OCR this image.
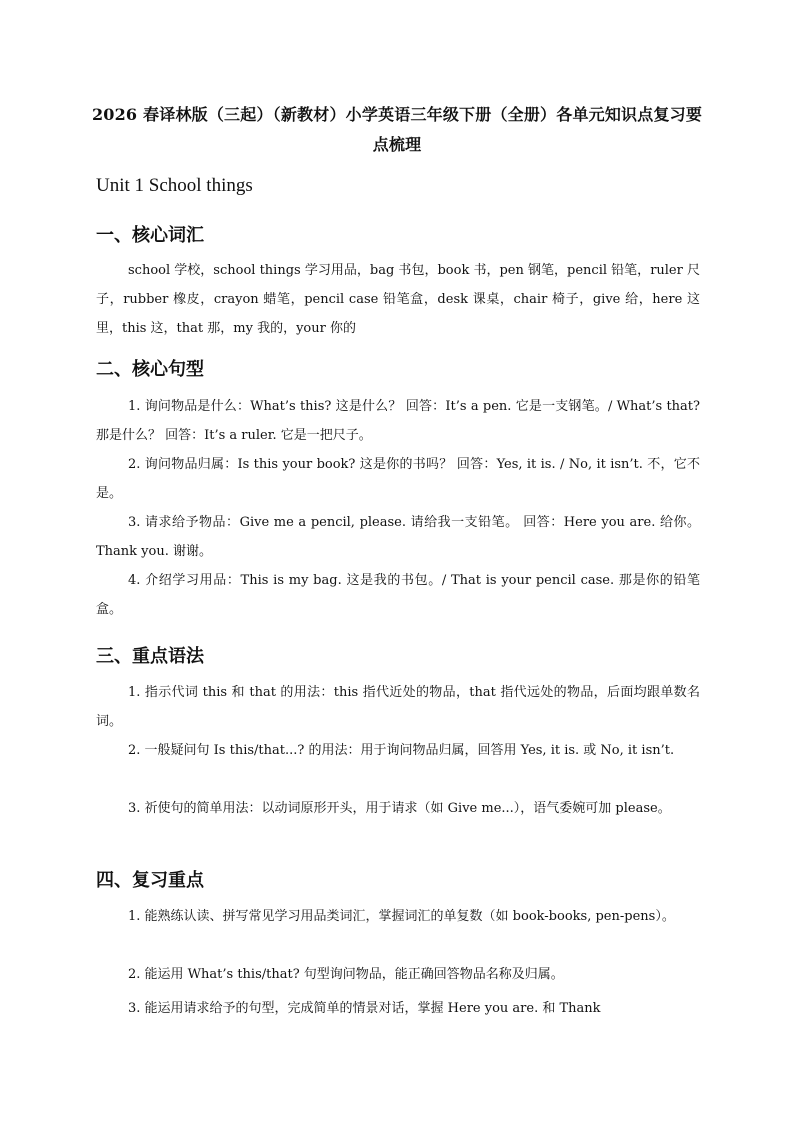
2026 春译林版（三起）（新教材）小学英语三年级下册（全册）各单元知识点复习要点梳理
Unit 1 School things
一、核心词汇
school 学校，school things 学习用品，bag 书包，book 书，pen 钢笔，pencil 铅笔，ruler 尺子，rubber 橡皮，crayon 蜡笔，pencil case 铅笔盒，desk 课桌，chair 椅子，give 给，here 这里，this 这，that 那，my 我的，your 你的
二、核心句型
1. 询问物品是什么：What’s this? 这是什么？ 回答：It’s a pen. 它是一支钢笔。/ What’s that? 那是什么？ 回答：It’s a ruler. 它是一把尺子。
2. 询问物品归属：Is this your book? 这是你的书吗？ 回答：Yes, it is. / No, it isn’t. 不，它不是。
3. 请求给予物品：Give me a pencil, please. 请给我一支铅笔。 回答：Here you are. 给你。 Thank you. 谢谢。
4. 介绍学习用品：This is my bag. 这是我的书包。/ That is your pencil case. 那是你的铅笔盒。
三、重点语法
1. 指示代词 this 和 that 的用法：this 指代近处的物品，that 指代远处的物品，后面均跟单数名词。
2. 一般疑问句 Is this/that...? 的用法：用于询问物品归属，回答用 Yes, it is. 或 No, it isn’t.
3. 祈使句的简单用法：以动词原形开头，用于请求（如 Give me...），语气委婉可加 please。
四、复习重点
1. 能熟练认读、拼写常见学习用品类词汇，掌握词汇的单复数（如 book-books, pen-pens）。
2. 能运用 What’s this/that? 句型询问物品，能正确回答物品名称及归属。
3. 能运用请求给予的句型，完成简单的情景对话，掌握 Here you are. 和 Thank
